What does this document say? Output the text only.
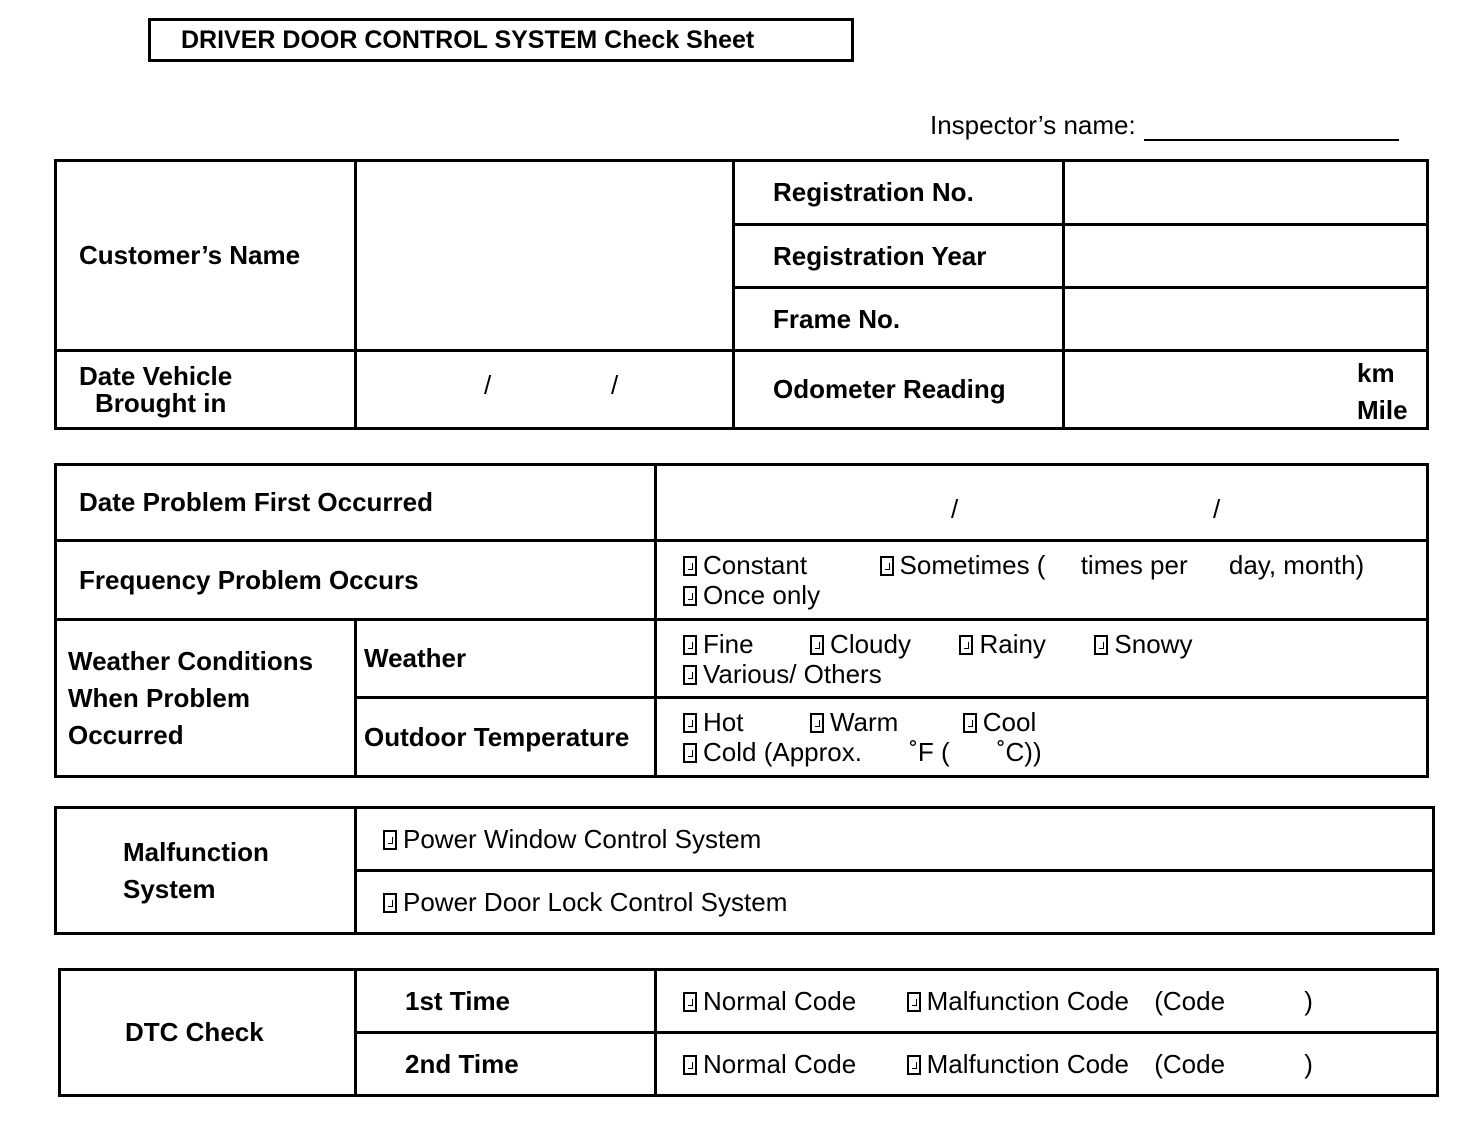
DRIVER DOOR CONTROL SYSTEM Check Sheet
Inspector’s name:
Customer’s Name		Registration No.	
		Registration Year	
		Frame No.	

Date Vehicle
Brought in	/ /	Odometer Reading	km
Mile
Date Problem First Occurred		/ /

Frequency Problem Occurs		Constant Sometimes ( times per day, month)
Once only

Weather Conditions
When Problem
Occurred	Weather	Fine Cloudy Rainy Snowy
Various/ Others

	Outdoor Temperature	Hot Warm Cool
Cold (Approx. ˚F ( ˚C))
Malfunction
System
	Power Window Control System
Power Door Lock Control System
DTC Check	1st Time	Normal Code Malfunction Code (Code )
	2nd Time	Normal Code Malfunction Code (Code )
